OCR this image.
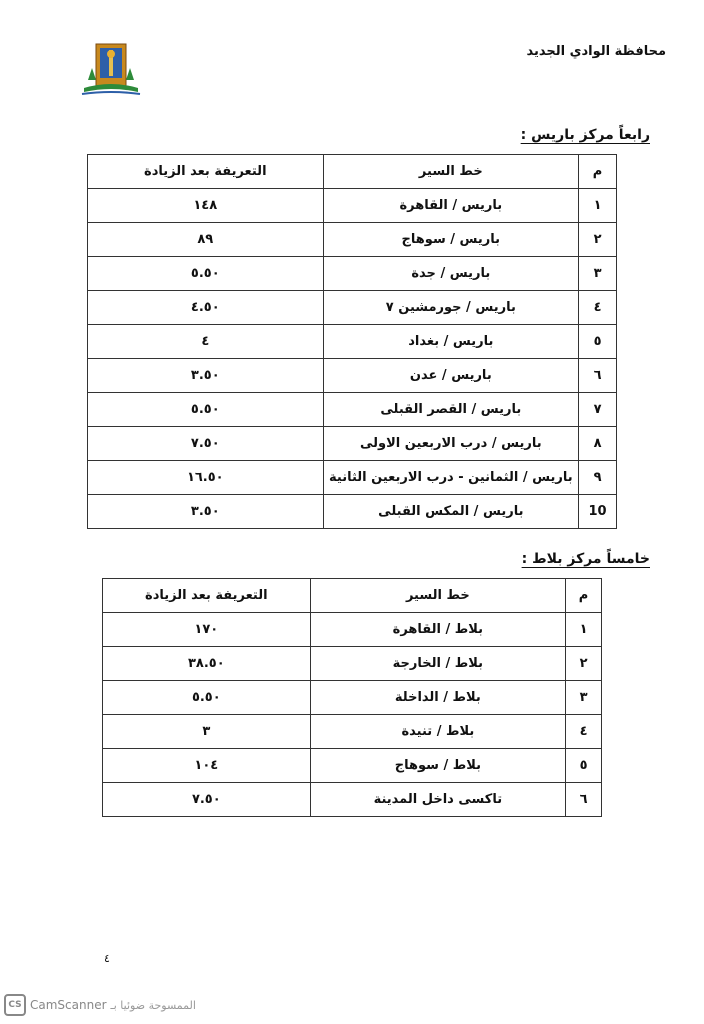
محافظة الوادي الجديد
رابعاً مركز باريس :
م	خط السير	التعريفة بعد الزيادة
١	باريس / القاهرة	١٤٨
٢	باريس / سوهاج	٨٩
٣	باريس / جدة	٥.٥٠
٤	باريس / جورمشين ٧	٤.٥٠
٥	باريس / بغداد	٤
٦	باريس / عدن	٣.٥٠
٧	باريس / القصر القبلى	٥.٥٠
٨	باريس / درب الاربعين الاولى	٧.٥٠
٩	باريس / الثمانين - درب الاربعين الثانية	١٦.٥٠
10	باريس / المكس القبلى	٣.٥٠
خامساً مركز بلاط :
م	خط السير	التعريفة بعد الزيادة
١	بلاط / القاهرة	١٧٠
٢	بلاط / الخارجة	٣٨.٥٠
٣	بلاط / الداخلة	٥.٥٠
٤	بلاط / تنيدة	٣
٥	بلاط / سوهاج	١٠٤
٦	تاكسى داخل المدينة	٧.٥٠
٤
CS CamScanner الممسوحة ضوئيا بـ
